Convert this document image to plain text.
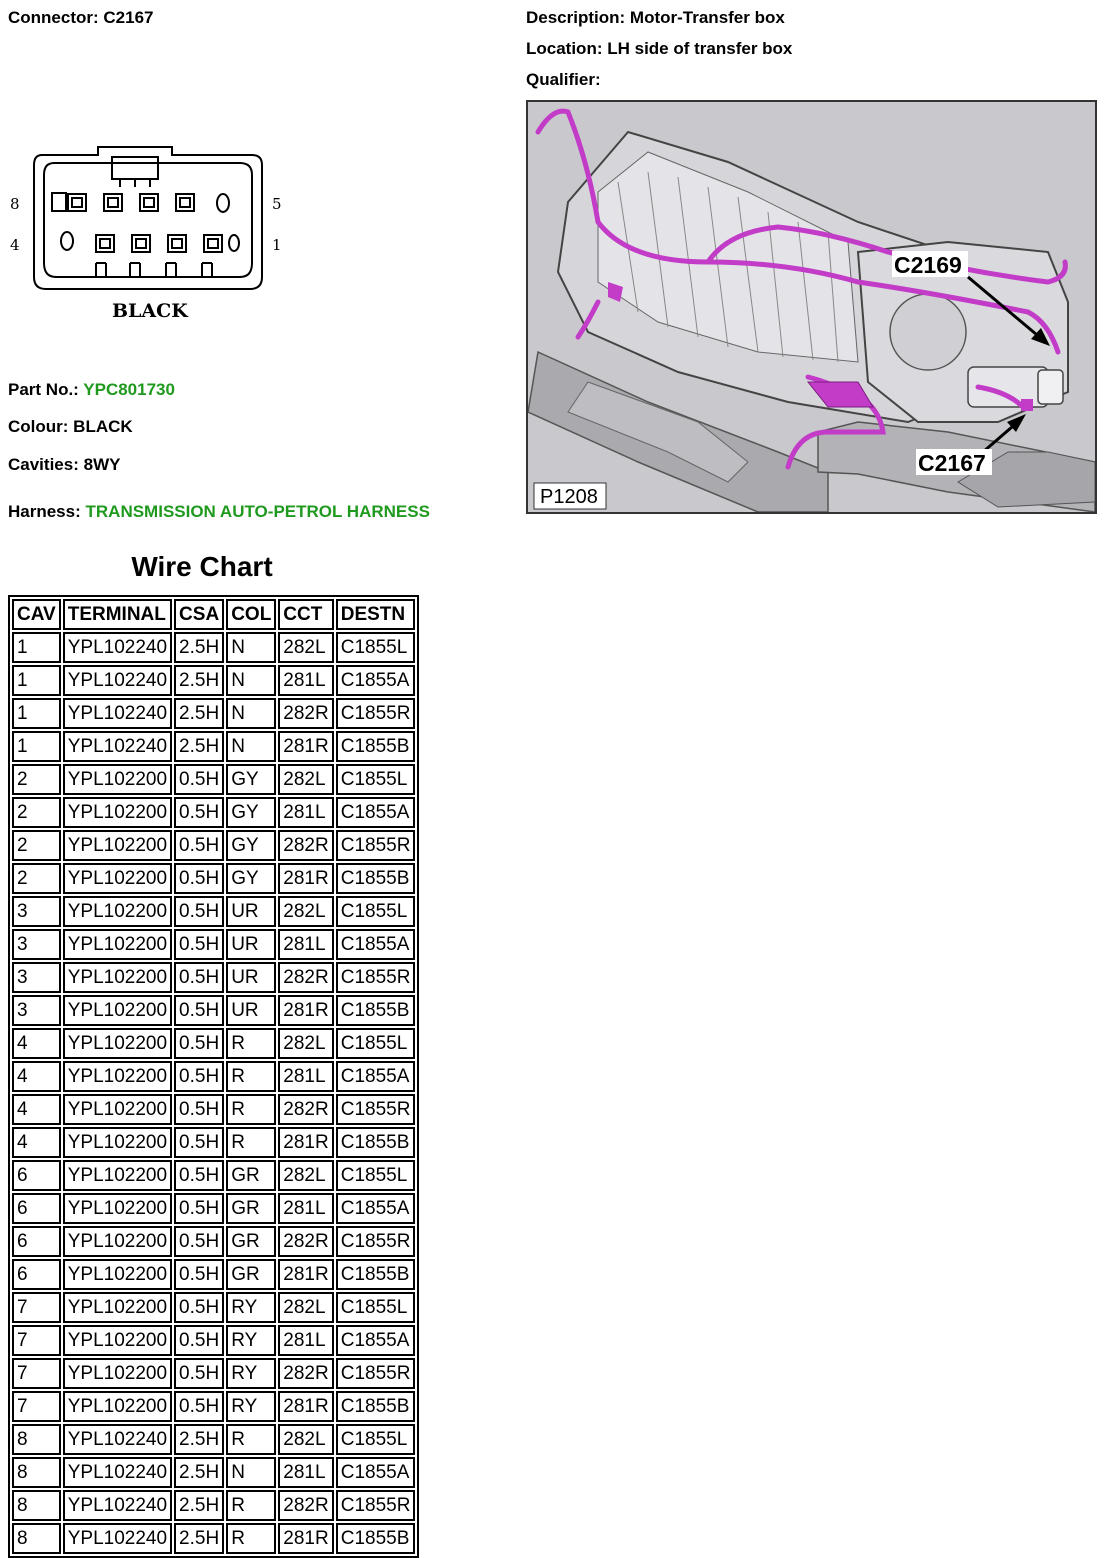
Connector: C2167	Description: Motor-Transfer box
Location: LH side of transfer box
Qualifier:
8
4
5
1
BLACK
Part No.: YPC801730
Colour: BLACK
Cavities: 8WY
Harness: TRANSMISSION AUTO-PETROL HARNESS
C2169
C2167
P1208
Wire Chart
CAV	TERMINAL	CSA	COL	CCT	DESTN
1	YPL102240	2.5H	N	282L	C1855L
1	YPL102240	2.5H	N	281L	C1855A
1	YPL102240	2.5H	N	282R	C1855R
1	YPL102240	2.5H	N	281R	C1855B
2	YPL102200	0.5H	GY	282L	C1855L
2	YPL102200	0.5H	GY	281L	C1855A
2	YPL102200	0.5H	GY	282R	C1855R
2	YPL102200	0.5H	GY	281R	C1855B
3	YPL102200	0.5H	UR	282L	C1855L
3	YPL102200	0.5H	UR	281L	C1855A
3	YPL102200	0.5H	UR	282R	C1855R
3	YPL102200	0.5H	UR	281R	C1855B
4	YPL102200	0.5H	R	282L	C1855L
4	YPL102200	0.5H	R	281L	C1855A
4	YPL102200	0.5H	R	282R	C1855R
4	YPL102200	0.5H	R	281R	C1855B
6	YPL102200	0.5H	GR	282L	C1855L
6	YPL102200	0.5H	GR	281L	C1855A
6	YPL102200	0.5H	GR	282R	C1855R
6	YPL102200	0.5H	GR	281R	C1855B
7	YPL102200	0.5H	RY	282L	C1855L
7	YPL102200	0.5H	RY	281L	C1855A
7	YPL102200	0.5H	RY	282R	C1855R
7	YPL102200	0.5H	RY	281R	C1855B
8	YPL102240	2.5H	R	282L	C1855L
8	YPL102240	2.5H	N	281L	C1855A
8	YPL102240	2.5H	R	282R	C1855R
8	YPL102240	2.5H	R	281R	C1855B
